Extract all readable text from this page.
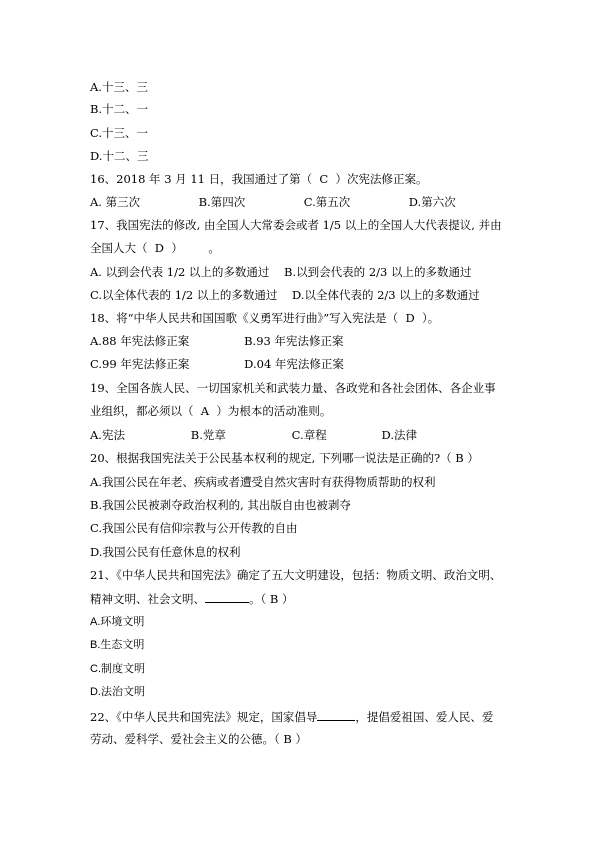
A.十三、三
B.十二、一
C.十三、一
D.十二、三
16、2018 年 3 月 11 日，我国通过了第（  C  ）次宪法修正案。
A. 第三次                B.第四次                C.第五次                D.第六次
17、我国宪法的修改, 由全国人大常委会或者 1/5 以上的全国人大代表提议, 并由
全国人大（  D  ）       。
A. 以到会代表 1/2 以上的多数通过    B.以到会代表的 2/3 以上的多数通过
C.以全体代表的 1/2 以上的多数通过    D.以全体代表的 2/3 以上的多数通过
18、将“中华人民共和国国歌《义勇军进行曲》”写入宪法是（  D  ）。
A.88 年宪法修正案               B.93 年宪法修正案
C.99 年宪法修正案               D.04 年宪法修正案
19、全国各族人民、一切国家机关和武装力量、各政党和各社会团体、各企业事
业组织，都必须以（  A  ）为根本的活动准则。
A.宪法                  B.党章                  C.章程               D.法律
20、根据我国宪法关于公民基本权利的规定, 下列哪一说法是正确的?（ B ）
A.我国公民在年老、疾病或者遭受自然灾害时有获得物质帮助的权利
B.我国公民被剥夺政治权利的, 其出版自由也被剥夺
C.我国公民有信仰宗教与公开传教的自由
D.我国公民有任意休息的权利
21、《中华人民共和国宪法》确定了五大文明建设，包括：物质文明、政治文明、
精神文明、社会文明、	。（ B ）
A.环境文明
B.生态文明
C.制度文明
D.法治文明
22、《中华人民共和国宪法》规定，国家倡导	，提倡爱祖国、爱人民、爱
劳动、爱科学、爱社会主义的公德。（ B ）
